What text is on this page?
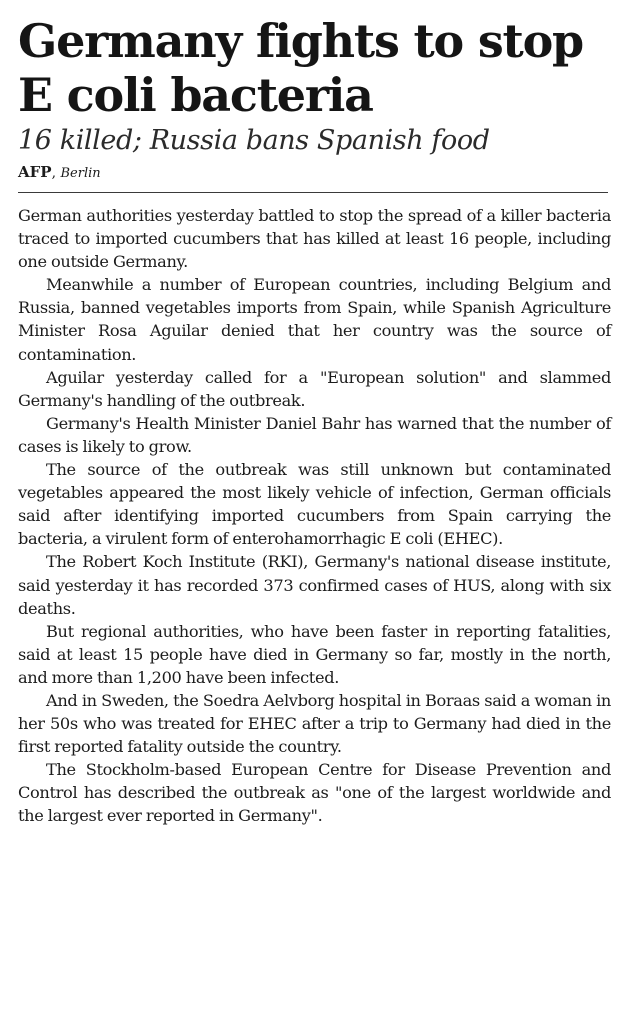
Germany fights to stop E coli bacteria
16 killed; Russia bans Spanish food
AFP, Berlin

German authorities yesterday battled to stop the spread of a killer bacteria traced to imported cucumbers that has killed at least 16 people, including one outside Germany.

Meanwhile a number of European countries, including Belgium and Russia, banned vegetables imports from Spain, while Spanish Agriculture Minister Rosa Aguilar denied that her country was the source of contamination.

Aguilar yesterday called for a "European solution" and slammed Germany's handling of the outbreak.

Germany's Health Minister Daniel Bahr has warned that the number of cases is likely to grow.

The source of the outbreak was still unknown but contaminated vegetables appeared the most likely vehicle of infection, German officials said after identifying imported cucumbers from Spain carrying the bacteria, a virulent form of enterohamorrhagic E coli (EHEC).

The Robert Koch Institute (RKI), Germany's national disease institute, said yesterday it has recorded 373 confirmed cases of HUS, along with six deaths.

But regional authorities, who have been faster in reporting fatalities, said at least 15 people have died in Germany so far, mostly in the north, and more than 1,200 have been infected.

And in Sweden, the Soedra Aelvborg hospital in Boraas said a woman in her 50s who was treated for EHEC after a trip to Germany had died in the first reported fatality outside the country.

The Stockholm-based European Centre for Disease Prevention and Control has described the outbreak as "one of the largest worldwide and the largest ever reported in Germany".
